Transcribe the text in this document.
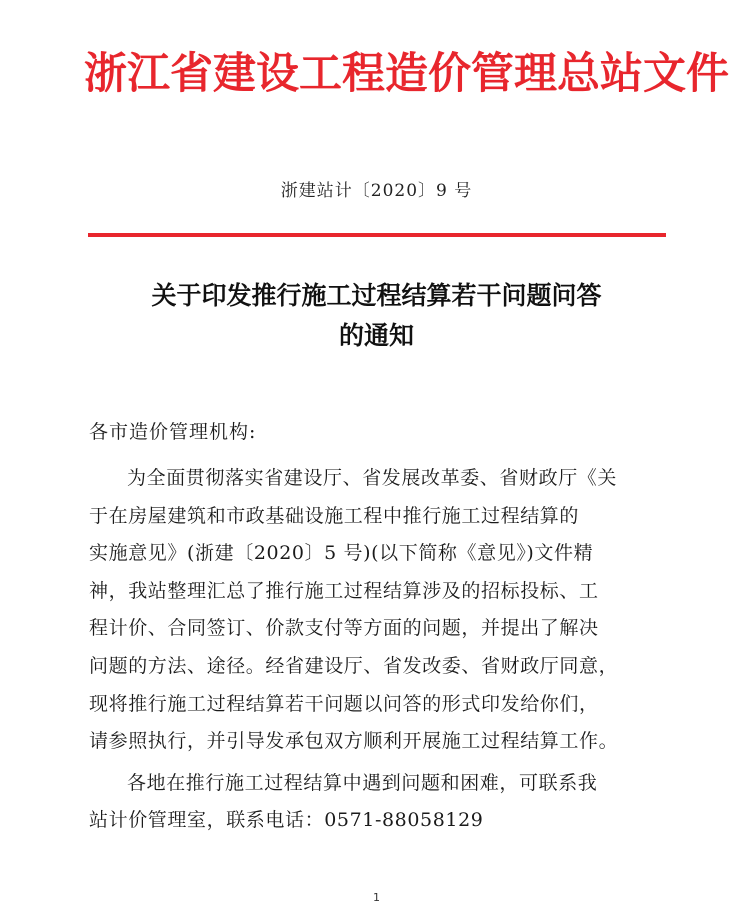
浙江省建设工程造价管理总站文件
浙建站计〔2020〕9 号
关于印发推行施工过程结算若干问题问答
的通知
各市造价管理机构:
为全面贯彻落实省建设厅、省发展改革委、省财政厅《关
于在房屋建筑和市政基础设施工程中推行施工过程结算的
实施意见》(浙建〔2020〕5 号)(以下简称《意见》)文件精
神，我站整理汇总了推行施工过程结算涉及的招标投标、工
程计价、合同签订、价款支付等方面的问题，并提出了解决
问题的方法、途径。经省建设厅、省发改委、省财政厅同意，
现将推行施工过程结算若干问题以问答的形式印发给你们，
请参照执行，并引导发承包双方顺利开展施工过程结算工作。
各地在推行施工过程结算中遇到问题和困难，可联系我
站计价管理室，联系电话：0571-88058129
1
